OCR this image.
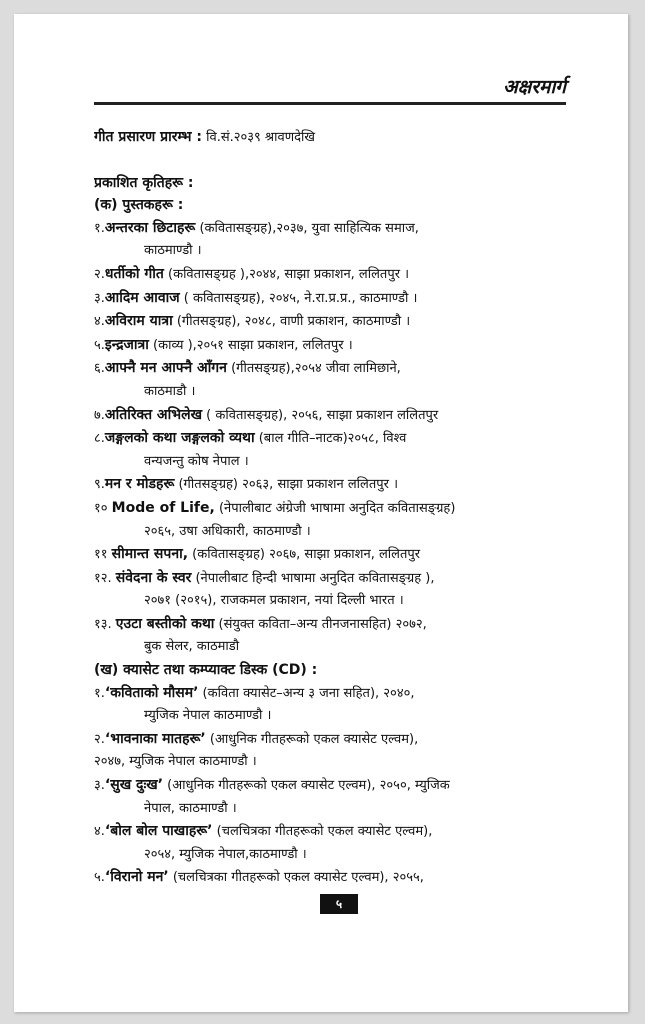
अक्षरमार्ग
गीत प्रसारण प्रारम्भ : वि.सं.२०३९ श्रावणदेखि
प्रकाशित कृतिहरू :
(क) पुस्तकहरू :
१.अन्तरका छिटाहरू (कवितासङ्ग्रह),२०३७, युवा साहित्यिक समाज,
काठमाण्डौ ।
२.धर्तीको गीत (कवितासङ्ग्रह ),२०४४, साझा प्रकाशन, ललितपुर ।
३.आदिम आवाज ( कवितासङ्ग्रह), २०४५, ने.रा.प्र.प्र., काठमाण्डौ ।
४.अविराम यात्रा (गीतसङ्ग्रह), २०४८, वाणी प्रकाशन, काठमाण्डौ ।
५.इन्द्रजात्रा (काव्य ),२०५१ साझा प्रकाशन, ललितपुर ।
६.आफ्नै मन आफ्नै आँगन (गीतसङ्ग्रह),२०५४ जीवा लामिछाने,
काठमाडौ ।
७.अतिरिक्त अभिलेख ( कवितासङ्ग्रह), २०५६, साझा प्रकाशन ललितपुर
८.जङ्गलको कथा जङ्गलको व्यथा (बाल गीति–नाटक)२०५८, विश्व
वन्यजन्तु कोष नेपाल ।
९.मन र मोडहरू (गीतसङ्ग्रह) २०६३, साझा प्रकाशन ललितपुर ।
१० Mode of Life, (नेपालीबाट अंग्रेजी भाषामा अनुदित कवितासङ्ग्रह)
२०६५, उषा अधिकारी, काठमाण्डौ ।
११ सीमान्त सपना, (कवितासङ्ग्रह) २०६७, साझा प्रकाशन, ललितपुर
१२. संवेदना के स्वर (नेपालीबाट हिन्दी भाषामा अनुदित कवितासङ्ग्रह ),
२०७१ (२०१५), राजकमल प्रकाशन, नयां दिल्ली भारत ।
१३. एउटा बस्तीको कथा (संयुक्त कविता–अन्य तीनजनासहित) २०७२,
बुक सेलर, काठमाडौ
(ख) क्यासेट तथा कम्प्याक्ट डिस्क (CD) :
१.‘कविताको मौसम’ (कविता क्यासेट–अन्य ३ जना सहित), २०४०,
म्युजिक नेपाल काठमाण्डौ ।
२.‘भावनाका मातहरू’ (आधुनिक गीतहरूको एकल क्यासेट एल्वम),
२०४७, म्युजिक नेपाल काठमाण्डौ ।
३.‘सुख दुःख’ (आधुनिक गीतहरूको एकल क्यासेट एल्वम), २०५०, म्युजिक
नेपाल, काठमाण्डौ ।
४.‘बोल बोल पाखाहरू’ (चलचित्रका गीतहरूको एकल क्यासेट एल्वम),
२०५४, म्युजिक नेपाल,काठमाण्डौ ।
५.‘विरानो मन’ (चलचित्रका गीतहरूको एकल क्यासेट एल्वम), २०५५,
५
